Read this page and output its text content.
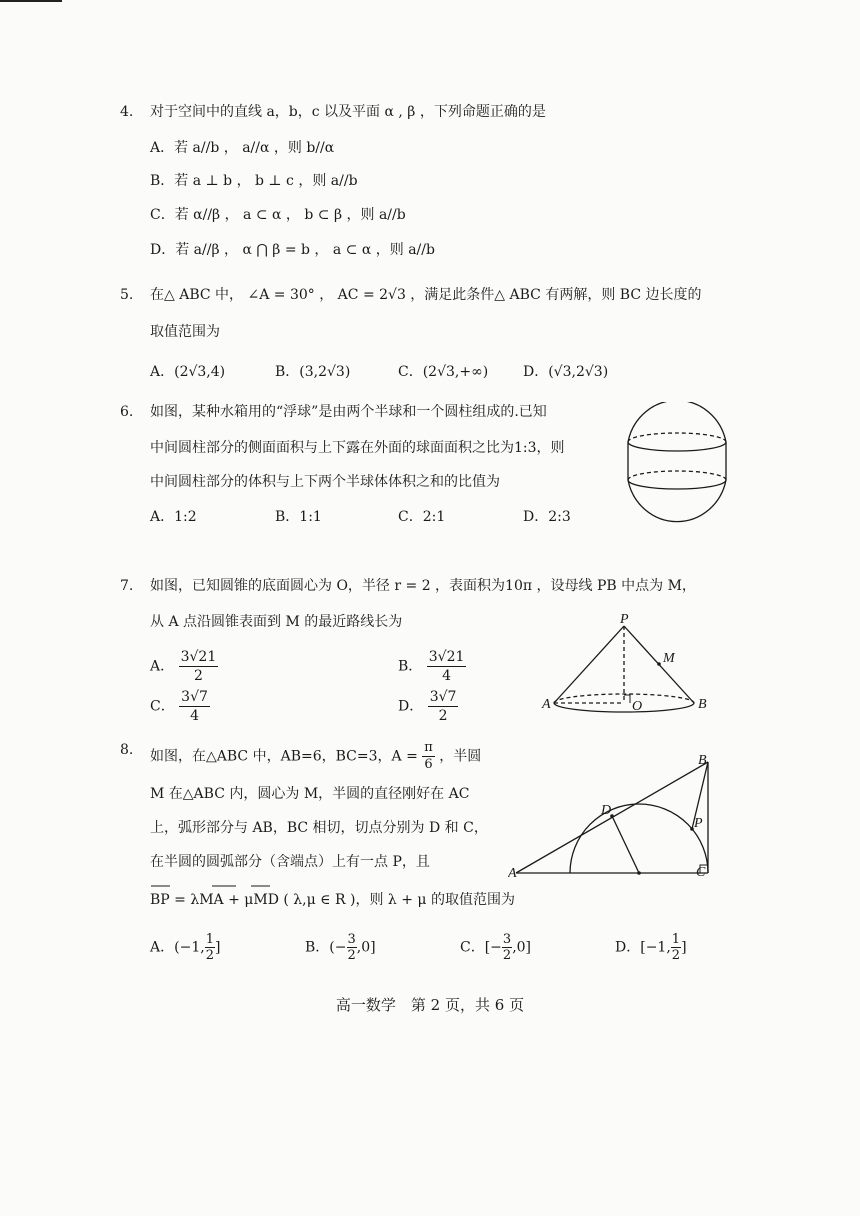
4.	对于空间中的直线 a，b，c 以及平面 α , β ，下列命题正确的是
A．若 a//b ， a//α ，则 b//α
B．若 a ⊥ b ， b ⊥ c ，则 a//b
C．若 α//β ， a ⊂ α ， b ⊂ β ，则 a//b
D．若 a//β ， α ⋂ β = b ， a ⊂ α ，则 a//b
5.	在△ ABC 中， ∠A = 30° ， AC = 2√3 ，满足此条件△ ABC 有两解，则 BC 边长度的
取值范围为
A．(2√3,4)	B．(3,2√3)	C．(2√3,+∞) D．(√3,2√3)
6.	如图，某种水箱用的“浮球”是由两个半球和一个圆柱组成的.已知
中间圆柱部分的侧面面积与上下露在外面的球面面积之比为1:3，则
中间圆柱部分的体积与上下两个半球体体积之和的比值为
A．1:2	B．1:1	C．2:1	D．2:3
7.	如图，已知圆锥的底面圆心为 O，半径 r = 2 ，表面积为10π ，设母线 PB 中点为 M，
从 A 点沿圆锥表面到 M 的最近路线长为
A． $\frac{3√21}{2}$	B． $\frac{3√21}{4}$
C． $\frac{3√7}{4}$	D． $\frac{3√7}{2}$
P
M
A	O	B
8.	如图，在△ABC 中，AB=6，BC=3，$A = \frac{\pi}{6}$ ，半圆
M 在△ABC 内，圆心为 M，半圆的直径刚好在 AC
上，弧形部分与 AB，BC 相切，切点分别为 D 和 C，
在半圆的圆弧部分（含端点）上有一点 P，且
BP = λMA + μMD ( λ,μ ∈ R )，则 λ + μ 的取值范围为
A．(−1, $\frac{1}{2}$ ]	B．(− $\frac{3}{2} ,0$]	C．[− $\frac{3}{2} ,0$]	D．[−1, $\frac{1}{2}$ ]
A
B
C
D
P
高一数学　第 2 页，共 6 页
